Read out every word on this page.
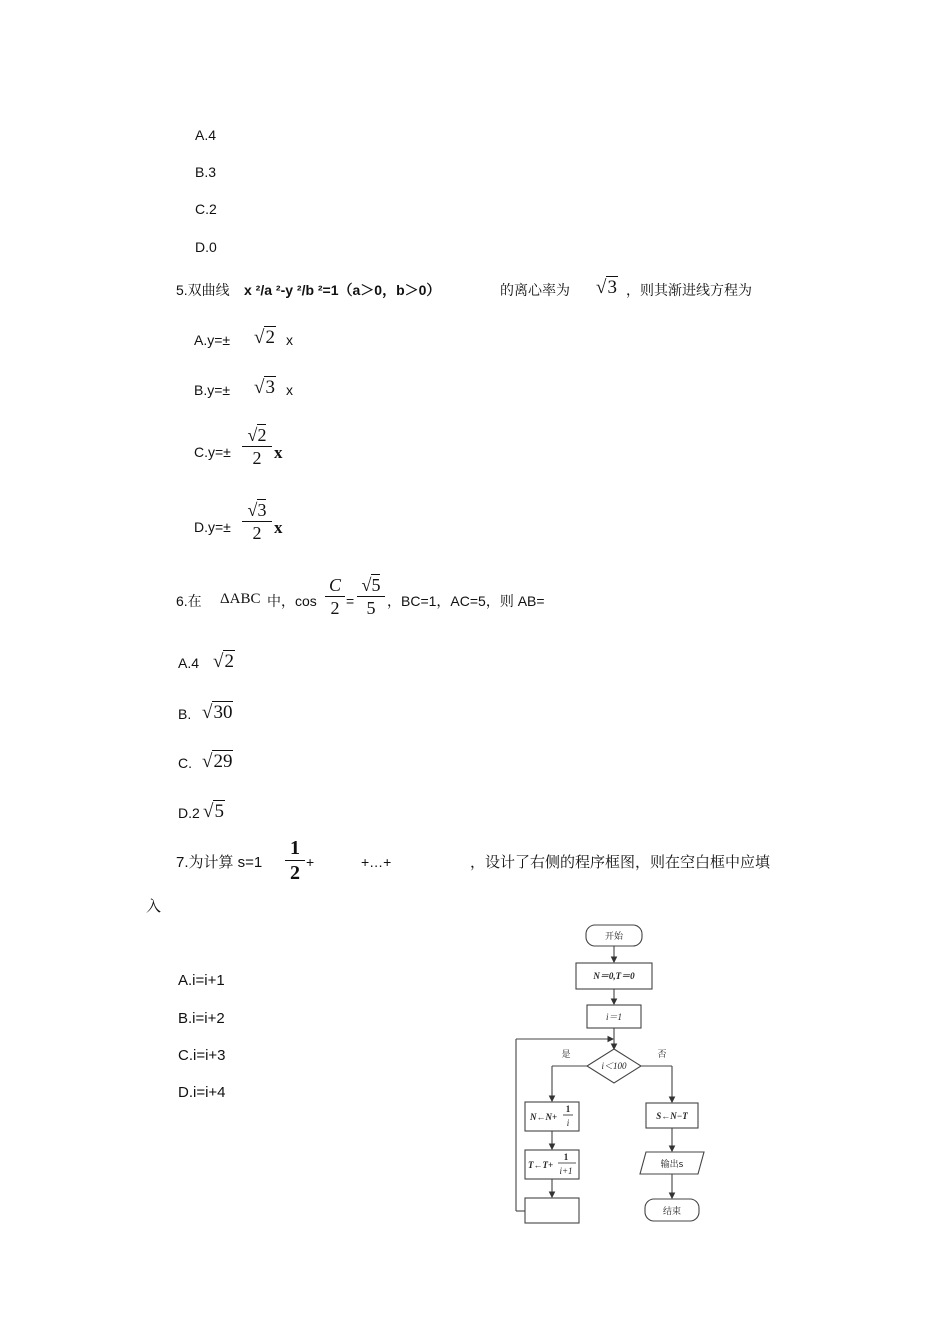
A.4
B.3
C.2
D.0
5.双曲线 x ²/a ²-y ²/b ²=1（a＞0，b＞0）	的离心率为 √3 ，则其渐进线方程为
A.y=± √2 x
B.y=± √3 x
$C.y=\pm \frac{√2}{2}$ x
$D.y=\pm \frac{√3}{2}$ x
6.在 ΔABC 中，$\cos \frac{C}{2} = \frac{√5}{5}$ ，BC=1，AC=5，则 AB=
A.4 √2
B. √30
C. √29
D.2 √5
7.为计算 $s=1 \frac{1}{2}$ +	+…+	，设计了右侧的程序框图，则在空白框中应填
入
A.i=i+1
B.i=i+2
C.i=i+3
D.i=i+4
开始
N＝0,T＝0
i＝1
i＜100
是	否
N←N+
1
i
T←T+
1
i+1
S←N−T
输出s
结束
